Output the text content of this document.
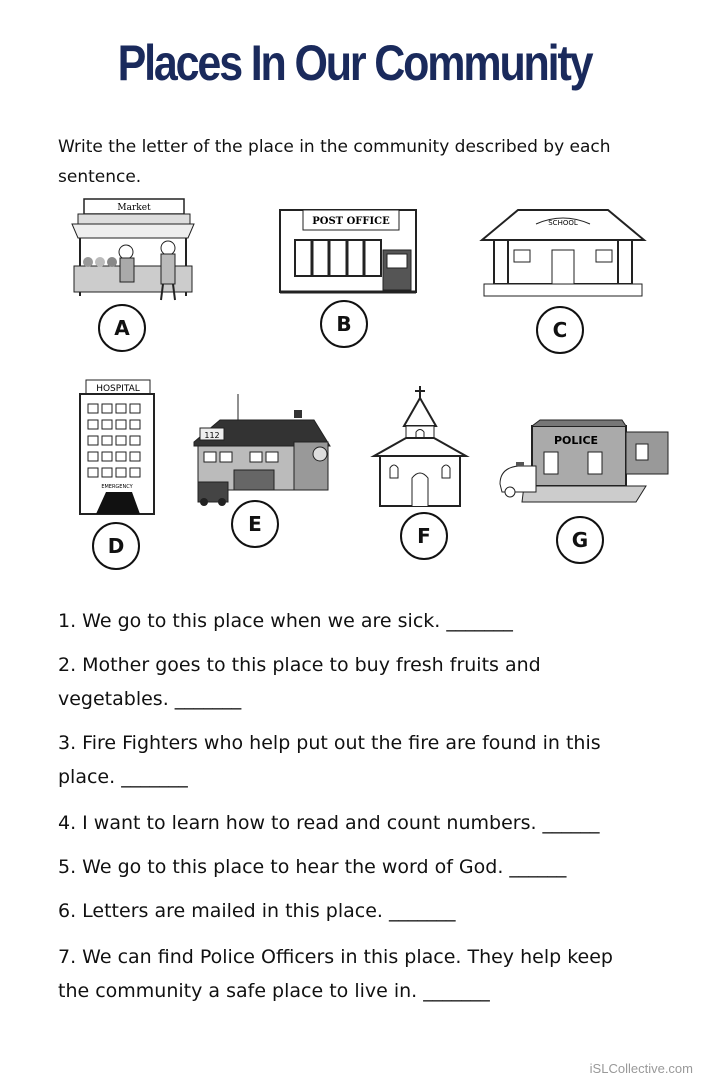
Places In Our Community
Write the letter of the place in the community described by each sentence.
Market
A
POST OFFICE
B
SCHOOL
C
HOSPITAL
EMERGENCY
D
112
E	F
POLICE
G
1. We go to this place when we are sick. _______
2. Mother goes to this place to buy fresh fruits and
vegetables. _______
3. Fire Fighters who help put out the fire are found in this
place. _______
4. I want to learn how to read and count numbers. ______
5. We go to this place to hear the word of God. ______
6. Letters are mailed in this place. _______
7. We can find Police Officers in this place. They help keep
the community a safe place to live in. _______
iSLCollective.com
